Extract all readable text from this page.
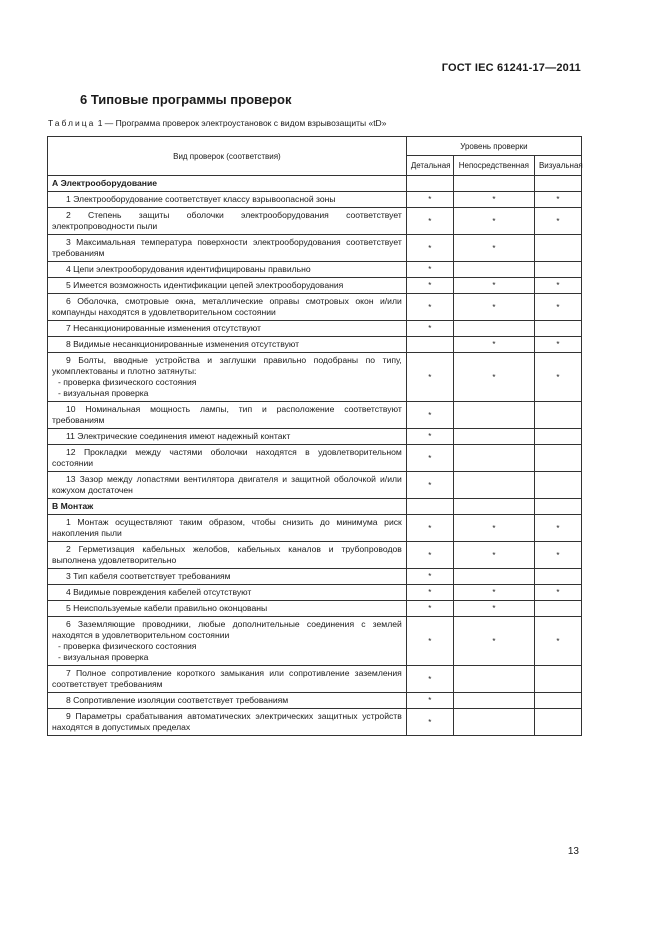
ГОСТ IEC 61241-17—2011
6 Типовые программы проверок
Таблица 1 — Программа проверок электроустановок с видом взрывозащиты «tD»
Вид проверок (соответствия)	Уровень проверки		
	Детальная	Непосредственная	Визуальная
А Электрооборудование			

1 Электрооборудование соответствует классу взрывоопасной зоны	*	*	*

2 Степень защиты оболочки электрооборудования соответствует электропроводности пыли	*	*	*

3 Максимальная температура поверхности электрооборудования соответствует требованиям	*	*	

4 Цепи электрооборудования идентифицированы правильно	*		

5 Имеется возможность идентификации цепей электрооборудования	*	*	*

6 Оболочка, смотровые окна, металлические оправы смотровых окон и/или компаунды находятся в удовлетворительном состоянии	*	*	*

7 Несанкционированные изменения отсутствуют	*		

8 Видимые несанкционированные изменения отсутствуют		*	*

9 Болты, вводные устройства и заглушки правильно подобраны по типу, укомплектованы и плотно затянуты:
- проверка физического состояния
- визуальная проверка	*	*	*

10 Номинальная мощность лампы, тип и расположение соответствуют требованиям	*		

11 Электрические соединения имеют надежный контакт	*		

12 Прокладки между частями оболочки находятся в удовлетворительном состоянии	*		

13 Зазор между лопастями вентилятора двигателя и защитной оболочкой и/или кожухом достаточен	*		
В Монтаж			

1 Монтаж осуществляют таким образом, чтобы снизить до минимума риск накопления пыли	*	*	*

2 Герметизация кабельных желобов, кабельных каналов и трубопроводов выполнена удовлетворительно	*	*	*

3 Тип кабеля соответствует требованиям	*		

4 Видимые повреждения кабелей отсутствуют	*	*	*

5 Неиспользуемые кабели правильно оконцованы	*	*	

6 Заземляющие проводники, любые дополнительные соединения с землей находятся в удовлетворительном состоянии
- проверка физического состояния
- визуальная проверка	*	*	*

7 Полное сопротивление короткого замыкания или сопротивление заземления соответствует требованиям	*		

8 Сопротивление изоляции соответствует требованиям	*		

9 Параметры срабатывания автоматических электрических защитных устройств находятся в допустимых пределах	*		
13
